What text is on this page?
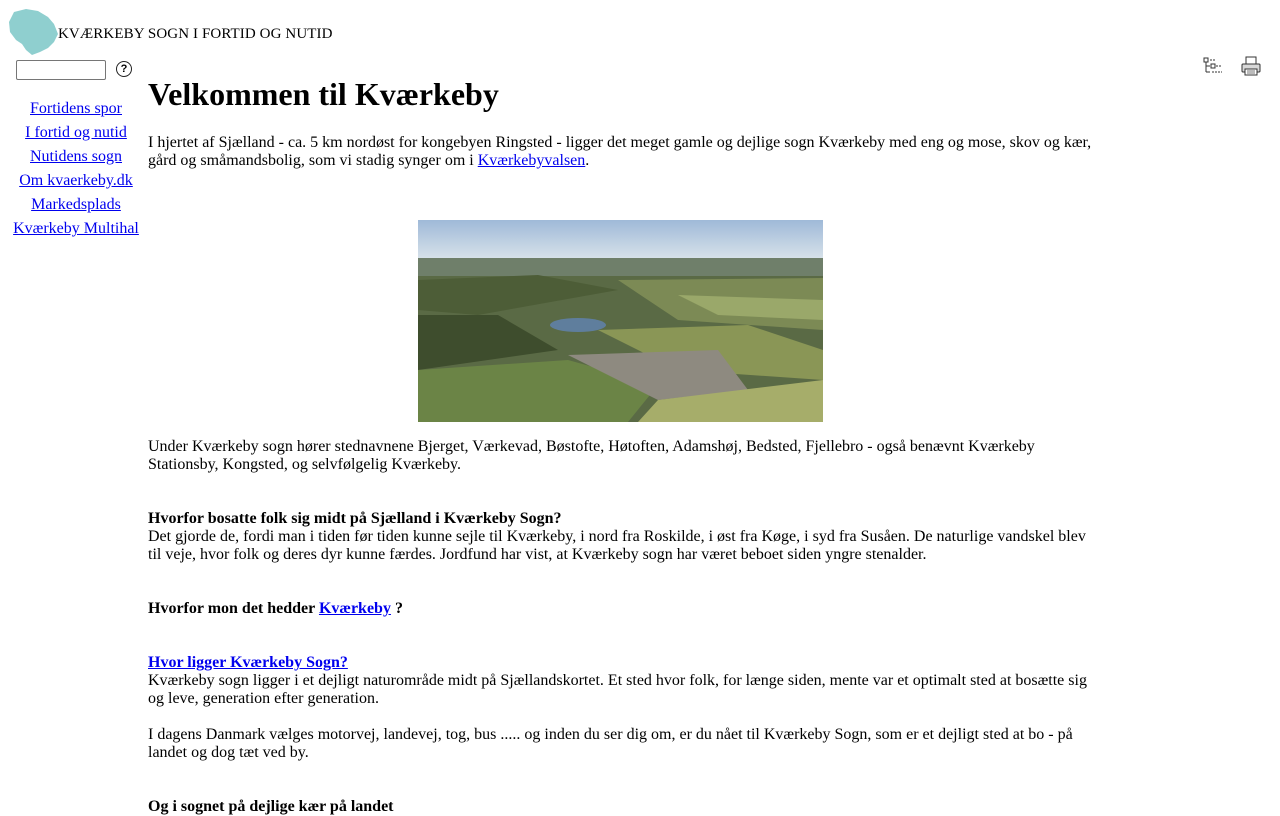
KVÆRKEBY SOGN I FORTID OG NUTID
?
Fortidens spor
I fortid og nutid
Nutidens sogn
Om kvaerkeby.dk
Markedsplads
Kværkeby Multihal
Velkommen til Kværkeby

I hjertet af Sjælland - ca. 5 km nordøst for kongebyen Ringsted - ligger det meget gamle og dejlige sogn Kværkeby med eng og mose, skov og kær, gård og småmandsbolig, som vi stadig synger om i Kværkebyvalsen.

Under Kværkeby sogn hører stednavnene Bjerget, Værkevad, Bøstofte, Høtoften, Adamshøj, Bedsted, Fjellebro - også benævnt Kværkeby Stationsby, Kongsted, og selvfølgelig Kværkeby.

Hvorfor bosatte folk sig midt på Sjælland i Kværkeby Sogn?

Det gjorde de, fordi man i tiden før tiden kunne sejle til Kværkeby, i nord fra Roskilde, i øst fra Køge, i syd fra Susåen. De naturlige vandskel blev til veje, hvor folk og deres dyr kunne færdes. Jordfund har vist, at Kværkeby sogn har været beboet siden yngre stenalder.

Hvorfor mon det hedder Kværkeby ?

Hvor ligger Kværkeby Sogn?

Kværkeby sogn ligger i et dejligt naturområde midt på Sjællandskortet. Et sted hvor folk, for længe siden, mente var et optimalt sted at bosætte sig og leve, generation efter generation.

I dagens Danmark vælges motorvej, landevej, tog, bus ..... og inden du ser dig om, er du nået til Kværkeby Sogn, som er et dejligt sted at bo - på landet og dog tæt ved by.

Og i sognet på dejlige kær på landet
